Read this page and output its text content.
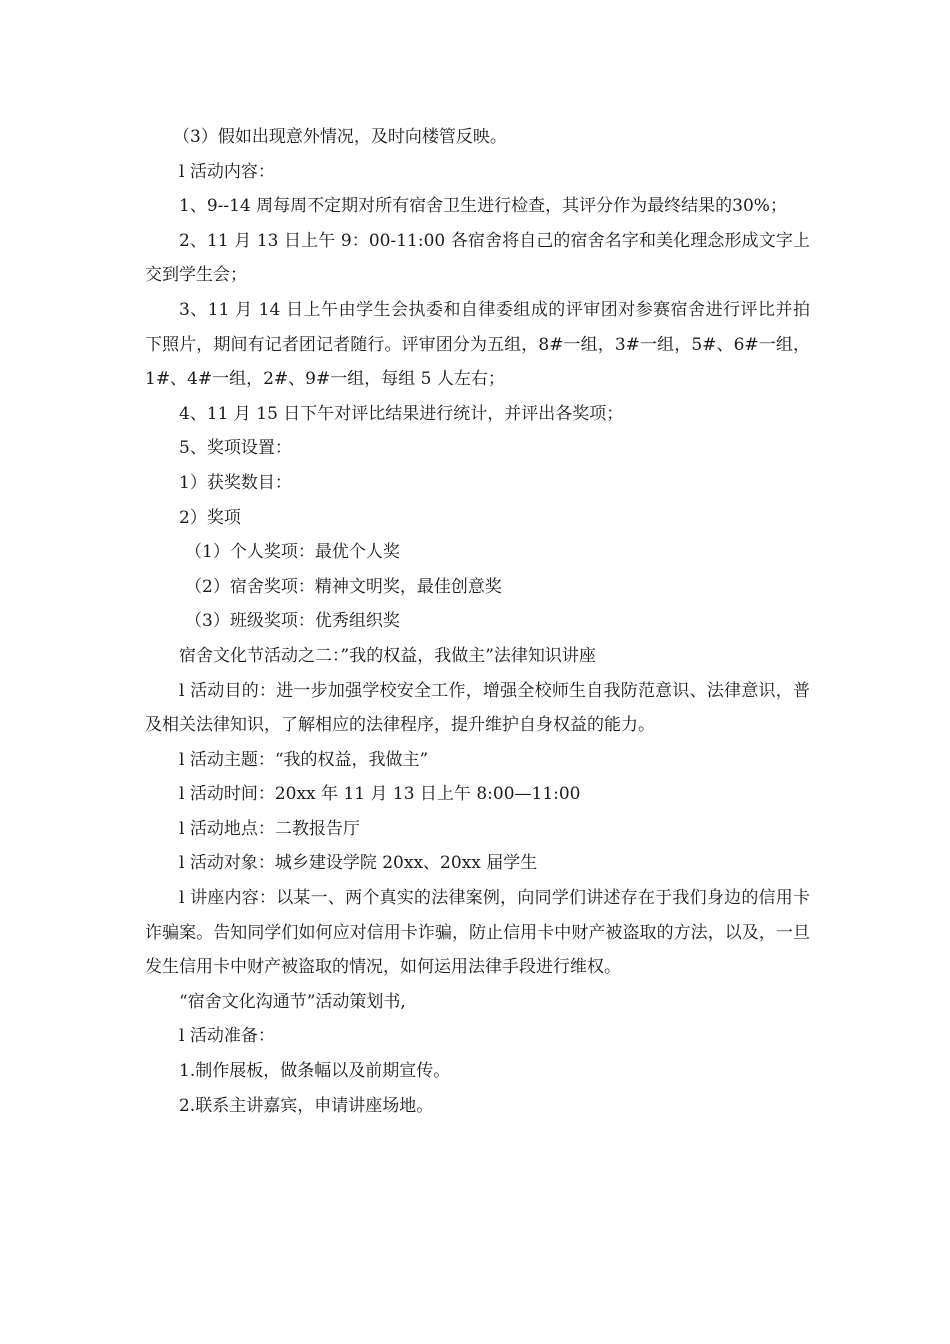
（3）假如出现意外情况，及时向楼管反映。

l 活动内容：

1、9--14 周每周不定期对所有宿舍卫生进行检查，其评分作为最终结果的30%；

2、11 月 13 日上午 9：00-11:00 各宿舍将自己的宿舍名字和美化理念形成文字上交到学生会；

3、11 月 14 日上午由学生会执委和自律委组成的评审团对参赛宿舍进行评比并拍下照片，期间有记者团记者随行。评审团分为五组，8#一组，3#一组，5#、6#一组，1#、4#一组，2#、9#一组，每组 5 人左右；

4、11 月 15 日下午对评比结果进行统计，并评出各奖项；

5、奖项设置：

1）获奖数目：

2）奖项

（1）个人奖项：最优个人奖

（2）宿舍奖项：精神文明奖，最佳创意奖

（3）班级奖项：优秀组织奖

宿舍文化节活动之二：”我的权益，我做主”法律知识讲座

l 活动目的：进一步加强学校安全工作，增强全校师生自我防范意识、法律意识，普及相关法律知识，了解相应的法律程序，提升维护自身权益的能力。

l 活动主题：“我的权益，我做主”

l 活动时间：20xx 年 11 月 13 日上午 8:00—11:00

l 活动地点：二教报告厅

l 活动对象：城乡建设学院 20xx、20xx 届学生

l 讲座内容：以某一、两个真实的法律案例，向同学们讲述存在于我们身边的信用卡诈骗案。告知同学们如何应对信用卡诈骗，防止信用卡中财产被盗取的方法，以及，一旦发生信用卡中财产被盗取的情况，如何运用法律手段进行维权。

“宿舍文化沟通节”活动策划书,

l 活动准备：

1.制作展板，做条幅以及前期宣传。

2.联系主讲嘉宾，申请讲座场地。
